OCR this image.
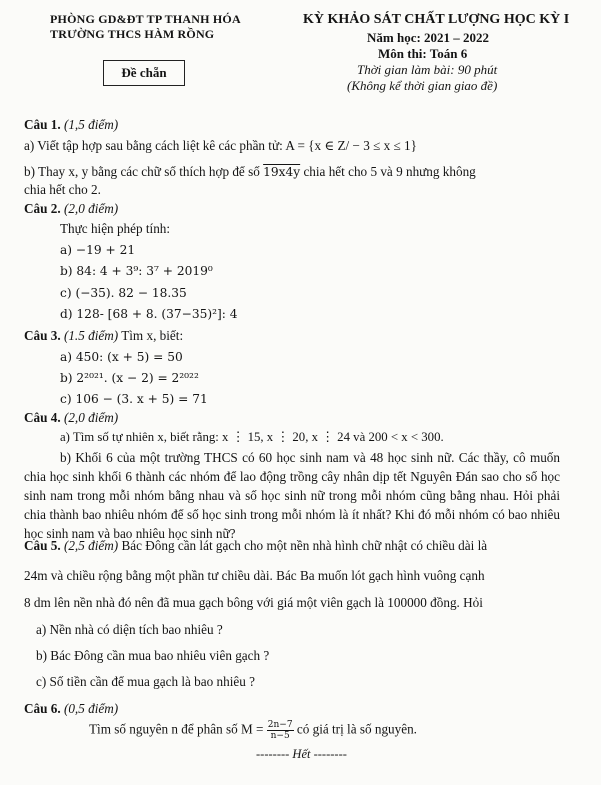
PHÒNG GD&ĐT TP THANH HÓA
TRƯỜNG THCS HÀM RỒNG
Đề chẵn
KỲ KHẢO SÁT CHẤT LƯỢNG HỌC KỲ I
Năm học: 2021 – 2022
Môn thi: Toán 6
Thời gian làm bài: 90 phút
(Không kể thời gian giao đề)
Câu 1. (1,5 điểm)
a) Viết tập hợp sau bằng cách liệt kê các phần tử: A = {x ∈ Z/ − 3 ≤ x ≤ 1}
b) Thay x, y bằng các chữ số thích hợp để số 19x4y chia hết cho 5 và 9 nhưng không
chia hết cho 2.
Câu 2. (2,0 điểm)
Thực hiện phép tính:
a) −19 + 21
b) 84: 4 + 3⁹: 3⁷ + 2019⁰
c) (−35). 82 − 18.35
d) 128- [68 + 8. (37−35)²]: 4
Câu 3. (1.5 điểm) Tìm x, biết:
a) 450: (x + 5) = 50
b) 2²⁰²¹. (x − 2) = 2²⁰²²
c) 106 − (3. x + 5) = 71
Câu 4. (2,0 điểm)
a) Tìm số tự nhiên x, biết rằng: x ⋮ 15, x ⋮ 20, x ⋮ 24 và 200 < x < 300.
b) Khối 6 của một trường THCS có 60 học sinh nam và 48 học sinh nữ. Các thầy, cô muốn chia học sinh khối 6 thành các nhóm để lao động trồng cây nhân dịp tết Nguyên Đán sao cho số học sinh nam trong mỗi nhóm bằng nhau và số học sinh nữ trong mỗi nhóm cũng bằng nhau. Hỏi phải chia thành bao nhiêu nhóm để số học sinh trong mỗi nhóm là ít nhất? Khi đó mỗi nhóm có bao nhiêu học sinh nam và bao nhiêu học sinh nữ?
Câu 5. (2,5 điểm) Bác Đông cần lát gạch cho một nền nhà hình chữ nhật có chiều dài là
24m và chiều rộng bằng một phần tư chiều dài. Bác Ba muốn lót gạch hình vuông cạnh
8 dm lên nền nhà đó nên đã mua gạch bông với giá một viên gạch là 100000 đồng. Hỏi
a) Nền nhà có diện tích bao nhiêu ?
b) Bác Đông cần mua bao nhiêu viên gạch ?
c) Số tiền cần để mua gạch là bao nhiêu ?
Câu 6. (0,5 điểm)
Tìm số nguyên n để phân số $M = \frac{2n-7}{n-5}$ có giá trị là số nguyên.
-------- Hết --------
